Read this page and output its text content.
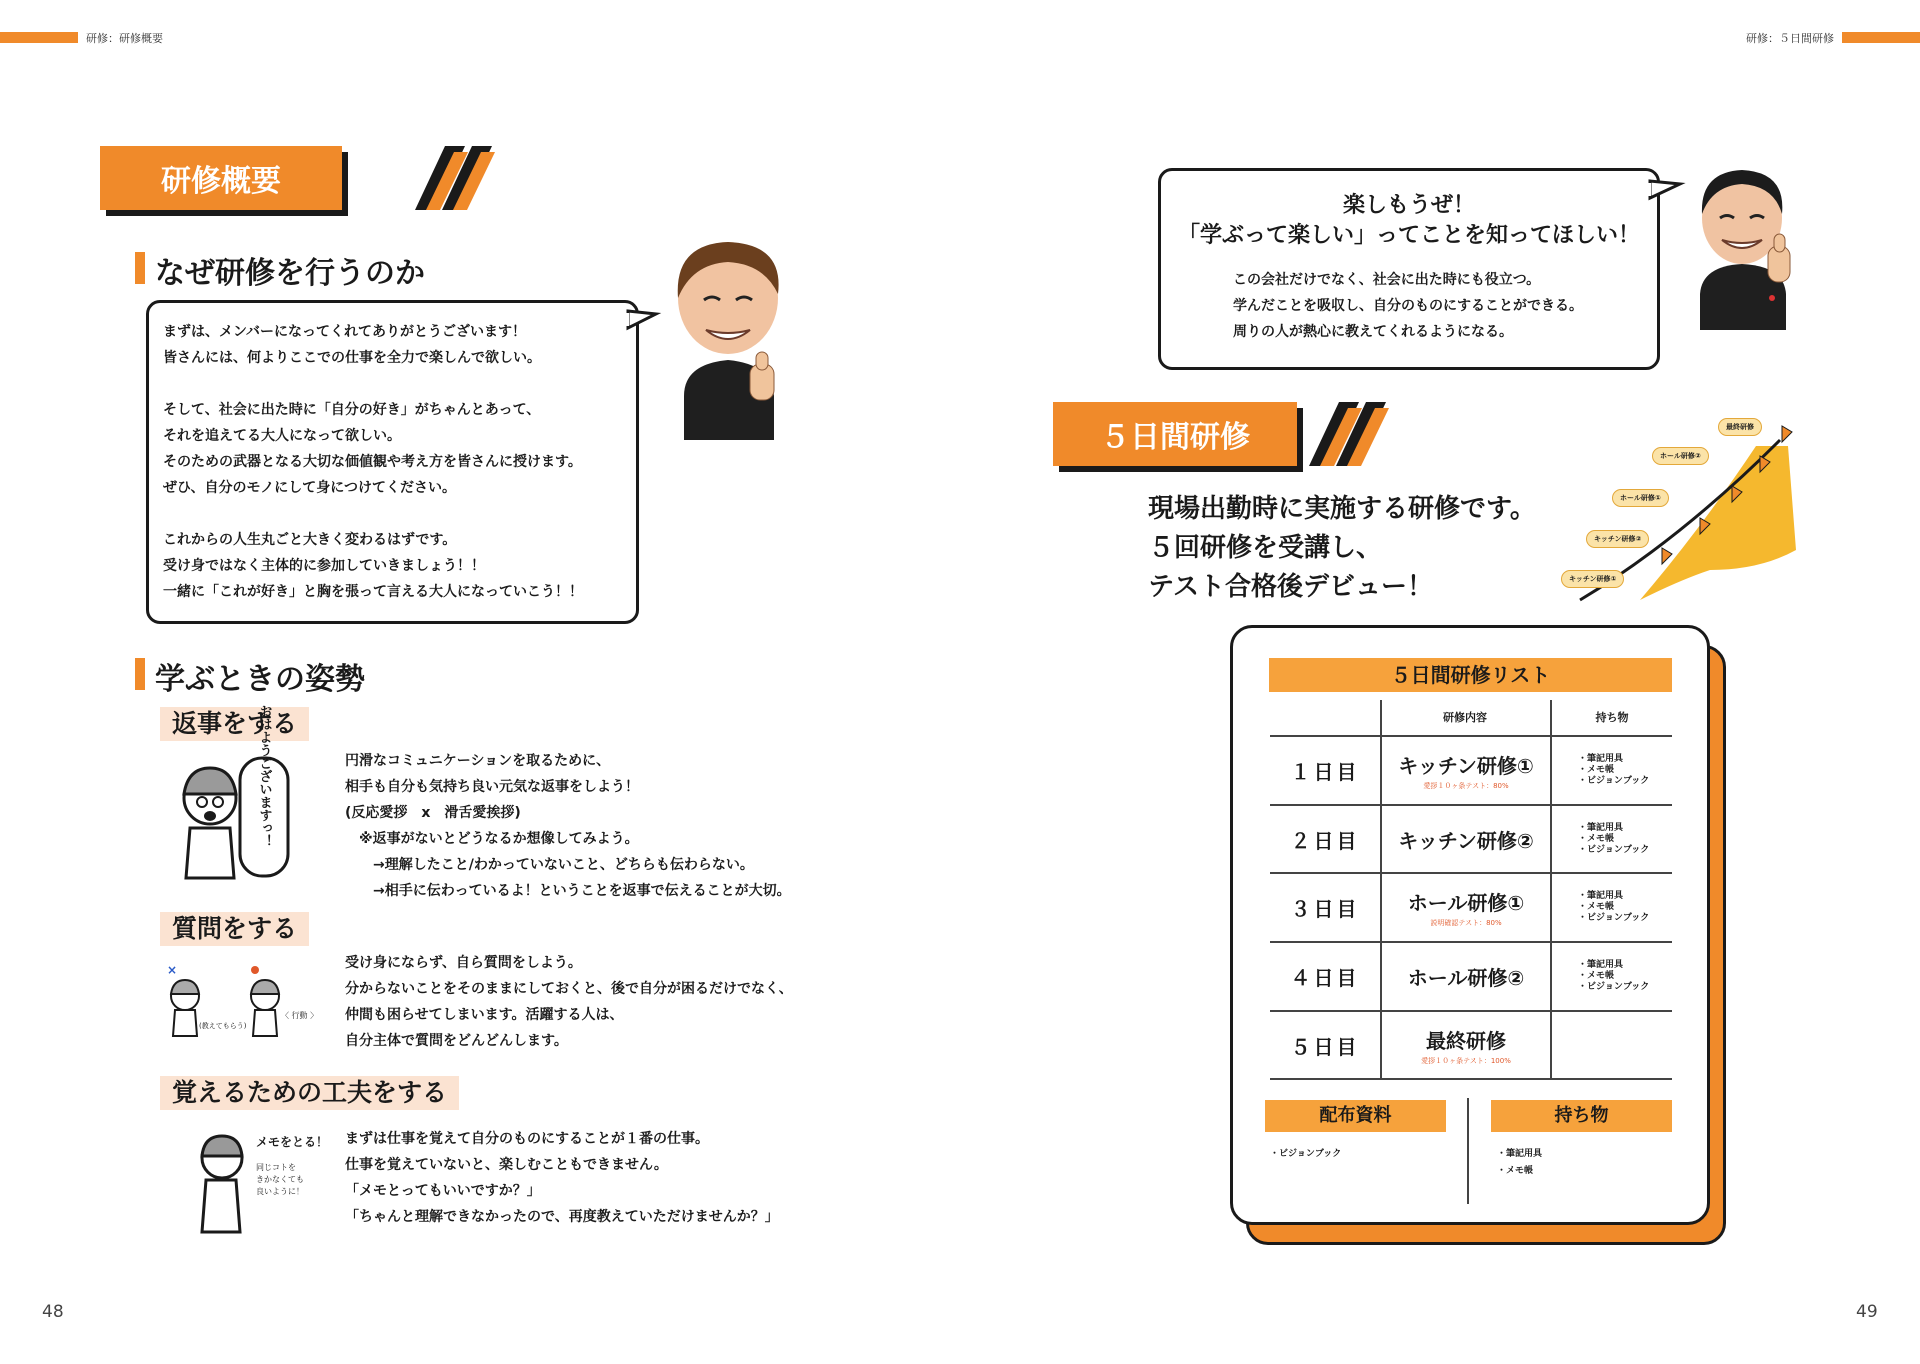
研修：研修概要	研修：５日間研修
研修概要
なぜ研修を行うのか
まずは、メンバーになってくれてありがとうございます！
皆さんには、何よりここでの仕事を全力で楽しんで欲しい。
そして、社会に出た時に「自分の好き」がちゃんとあって、
それを追えてる大人になって欲しい。
そのための武器となる大切な価値観や考え方を皆さんに授けます。
ぜひ、自分のモノにして身につけてください。
これからの人生丸ごと大きく変わるはずです。
受け身ではなく主体的に参加していきましょう！！
一緒に「これが好き」と胸を張って言える大人になっていこう！！
学ぶときの姿勢
返事をする
おはようございますっ！	円滑なコミュニケーションを取るために、
相手も自分も気持ち良い元気な返事をしよう！
(反応愛拶　x　滑舌愛挨拶)
　※返事がないとどうなるか想像してみよう。
　　→理解したこと/わかっていないこと、どちらも伝わらない。
　　→相手に伝わっているよ！ということを返事で伝えることが大切。
質問をする
×
(教えてもらう)
〈 行動 〉
受け身にならず、自ら質問をしよう。
分からないことをそのままにしておくと、後で自分が困るだけでなく、
仲間も困らせてしまいます。活躍する人は、
自分主体で質問をどんどんします。
覚えるための工夫をする
メモをとる！
同じコトを
きかなくても
良いように！
まずは仕事を覚えて自分のものにすることが１番の仕事。
仕事を覚えていないと、楽しむこともできません。
「メモとってもいいですか？」
「ちゃんと理解できなかったので、再度教えていただけませんか？」
48
楽しもうぜ！
「学ぶって楽しい」ってことを知ってほしい！
この会社だけでなく、社会に出た時にも役立つ。
学んだことを吸収し、自分のものにすることができる。
周りの人が熱心に教えてくれるようになる。
５日間研修
現場出勤時に実施する研修です。
５回研修を受講し、
テスト合格後デビュー！	キッチン研修①
キッチン研修②
ホール研修①
ホール研修②
最終研修
５日間研修リスト
研修内容	持ち物
１日目	キッチン研修①
愛拶１０ヶ条テスト：80%
・筆記用具
・メモ帳
・ビジョンブック
２日目	キッチン研修②
・筆記用具
・メモ帳
・ビジョンブック
３日目	ホール研修①
説明確認テスト：80%
・筆記用具
・メモ帳
・ビジョンブック
４日目	ホール研修②
・筆記用具
・メモ帳
・ビジョンブック
５日目	最終研修
愛拶１０ヶ条テスト：100%
配布資料	持ち物
・ビジョンブック	・筆記用具
・メモ帳
49
